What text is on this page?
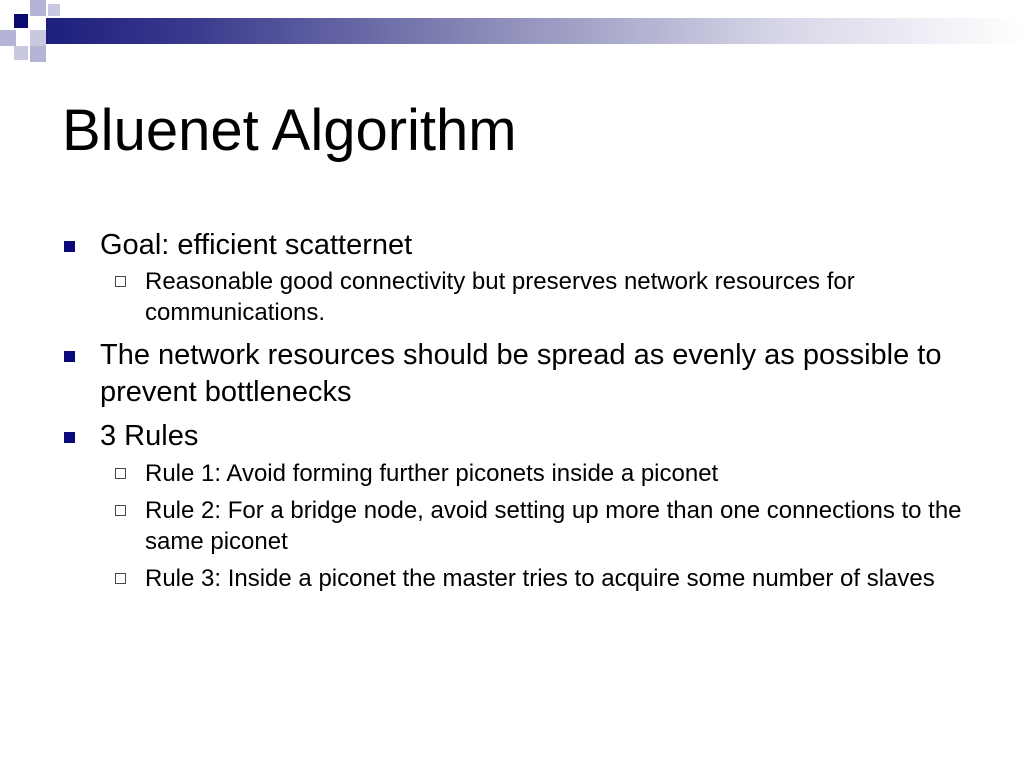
Bluenet Algorithm
Goal: efficient scatternet
Reasonable good connectivity but preserves network resources for communications.
The network resources should be spread as evenly as possible to prevent bottlenecks
3 Rules
Rule 1: Avoid forming further piconets inside a piconet
Rule 2: For a bridge node, avoid setting up more than one connections to the same piconet
Rule 3: Inside a piconet the master tries to acquire some number of slaves
